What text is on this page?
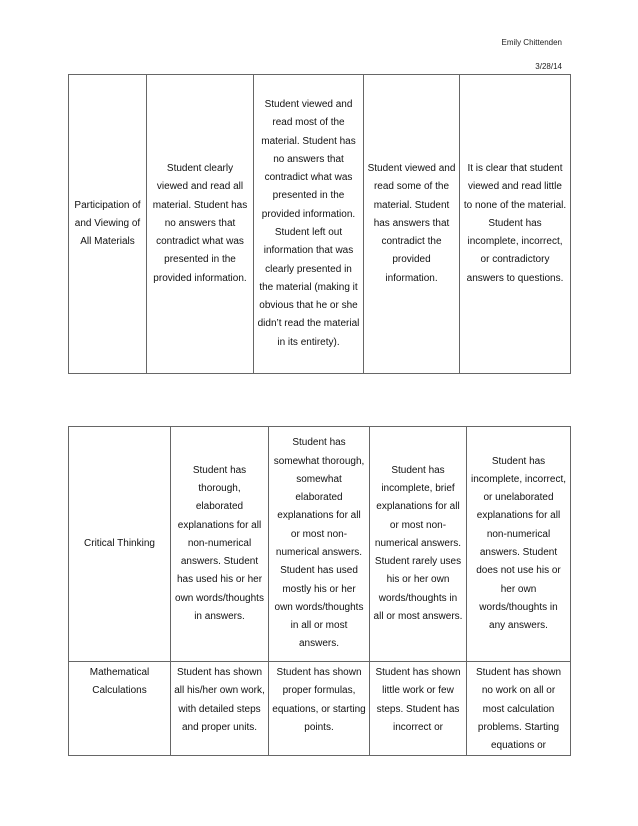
Emily Chittenden
3/28/14
Participation of and Viewing of All Materials	Student clearly viewed and read all material. Student has no answers that contradict what was presented in the provided information.	Student viewed and read most of the material. Student has no answers that contradict what was presented in the provided information. Student left out information that was clearly presented in the material (making it obvious that he or she didn’t read the material in its entirety).	Student viewed and read some of the material. Student has answers that contradict the provided information.	It is clear that student viewed and read little to none of the material. Student has incomplete, incorrect, or contradictory answers to questions.
Critical Thinking	Student has thorough, elaborated explanations for all non-numerical answers. Student has used his or her own words/thoughts in answers.	Student has somewhat thorough, somewhat elaborated explanations for all or most non-numerical answers. Student has used mostly his or her own words/thoughts in all or most answers.	Student has incomplete, brief explanations for all or most non-numerical answers. Student rarely uses his or her own words/thoughts in all or most answers.	Student has incomplete, incorrect, or unelaborated explanations for all non-numerical answers. Student does not use his or her own words/thoughts in any answers.
Mathematical Calculations	Student has shown all his/her own work, with detailed steps and proper units.	Student has shown proper formulas, equations, or starting points.	Student has shown little work or few steps. Student has incorrect or	Student has shown no work on all or most calculation problems. Starting equations or
